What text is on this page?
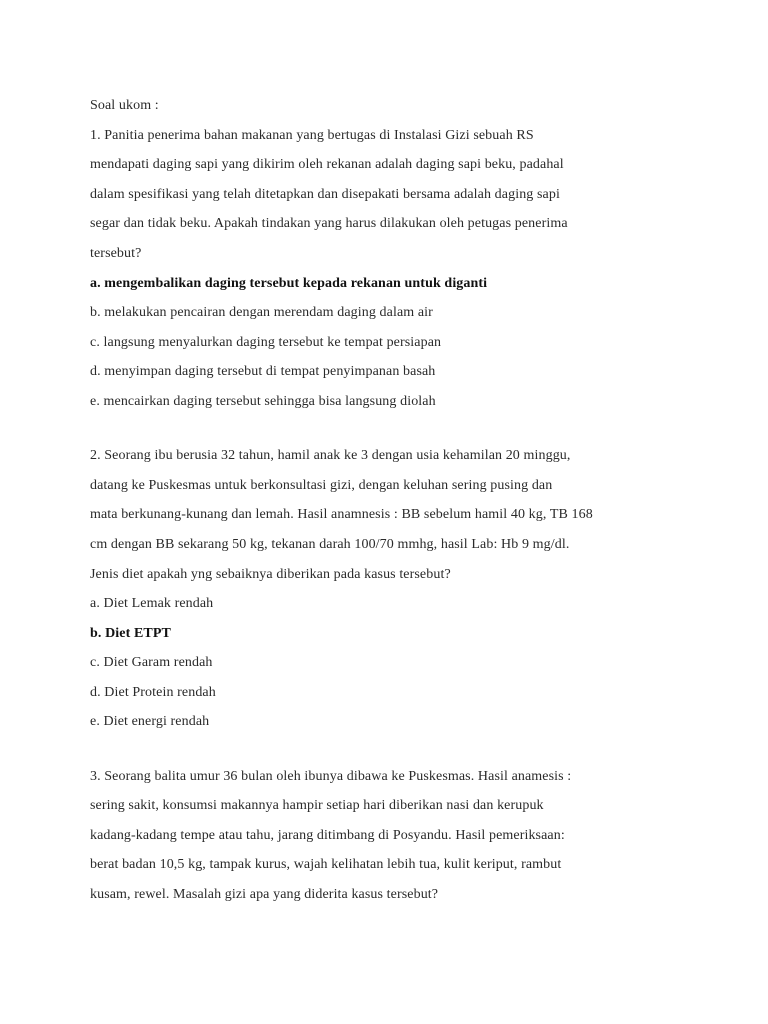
Soal ukom :
1. Panitia penerima bahan makanan yang bertugas di Instalasi Gizi sebuah RS
mendapati daging sapi yang dikirim oleh rekanan adalah daging sapi beku, padahal
dalam spesifikasi yang telah ditetapkan dan disepakati bersama adalah daging sapi
segar dan tidak beku. Apakah tindakan yang harus dilakukan oleh petugas penerima
tersebut?
a. mengembalikan daging tersebut kepada rekanan untuk diganti
b. melakukan pencairan dengan merendam daging dalam air
c. langsung menyalurkan daging tersebut ke tempat persiapan
d. menyimpan daging tersebut di tempat penyimpanan basah
e. mencairkan daging tersebut sehingga bisa langsung diolah
2. Seorang ibu berusia 32 tahun, hamil anak ke 3 dengan usia kehamilan 20 minggu,
datang ke Puskesmas untuk berkonsultasi gizi, dengan keluhan sering pusing dan
mata berkunang-kunang dan lemah. Hasil anamnesis : BB sebelum hamil 40 kg, TB 168
cm dengan BB sekarang 50 kg, tekanan darah 100/70 mmhg, hasil Lab: Hb 9 mg/dl.
Jenis diet apakah yng sebaiknya diberikan pada kasus tersebut?
a. Diet Lemak rendah
b. Diet ETPT
c. Diet Garam rendah
d. Diet Protein rendah
e. Diet energi rendah
3. Seorang balita umur 36 bulan oleh ibunya dibawa ke Puskesmas. Hasil anamesis :
sering sakit, konsumsi makannya hampir setiap hari diberikan nasi dan kerupuk
kadang-kadang tempe atau tahu, jarang ditimbang di Posyandu. Hasil pemeriksaan:
berat badan 10,5 kg, tampak kurus, wajah kelihatan lebih tua, kulit keriput, rambut
kusam, rewel. Masalah gizi apa yang diderita kasus tersebut?
